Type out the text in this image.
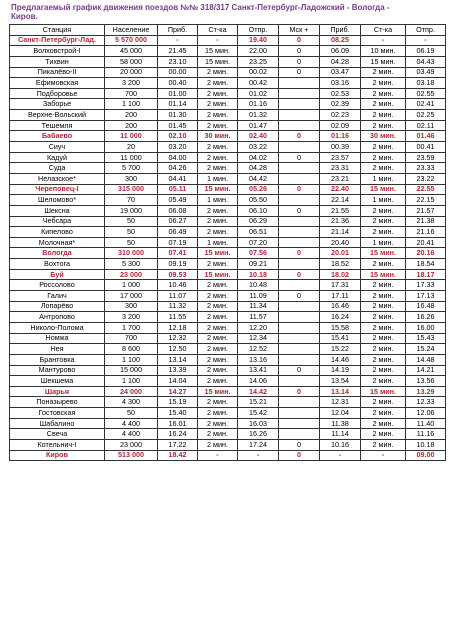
Предлагаемый график движения поездов №№ 318/317 Санкт-Петербург-Ладожский - Вологда -
Киров.
Станция	Население	Приб.	Ст-ка	Отпр.	Мск +	Приб.	Ст-ка	Отпр.
Санкт-Петербург-Лад.	5 570 000	-	-	19.40	0	08.25	-	-
Волховстрой-I	45 000	21.45	15 мин.	22.00	0	06.09	10 мин.	06.19
Тихвин	58 000	23.10	15 мин.	23.25	0	04.28	15 мин.	04.43
Пикалёво-II	20 000	00.00	2 мин.	00.02	0	03.47	2 мин.	03.49
Ефимовская	3 200	00.40	2 мин.	00.42		03.16	2 мин.	03.18
Подборовье	700	01.00	2 мин.	01.02		02.53	2 мин.	02.55
Заборье	1 100	01.14	2 мин.	01.16		02.39	2 мин.	02.41
Верхне-Вольский	200	01.30	2 мин.	01.32		02.23	2 мин.	02.25
Тешемля	200	01.45	2 мин.	01.47		02.09	2 мин.	02.11
Бабаево	11 000	02.10	30 мин.	02.40	0	01.16	30 мин.	01.46
Сиуч	20	03.20	2 мин.	03.22		00.39	2 мин.	00.41
Кадуй	11 000	04.00	2 мин.	04.02	0	23.57	2 мин.	23.59
Суда	5 700	04.26	2 мин.	04.28		23.31	2 мин.	23.33
Нелазское*	300	04.41	1 мин.	04.42		23.21	1 мин.	23.22
Череповец-I	315 000	05.11	15 мин.	05.26	0	22.40	15 мин.	22.55
Шеломово*	70	05.49	1 мин.	05.50		22.14	1 мин.	22.15
Шексна	19 000	06.08	2 мин.	06.10	0	21.55	2 мин.	21.57
Чебсара	50	06.27	2 мин.	06.29		21.36	2 мин.	21.38
Кипелово	50	06.49	2 мин.	06.51		21.14	2 мин.	21.16
Молочная*	50	07.19	1 мин.	07.20		20.40	1 мин.	20.41
Вологда	310 000	07.41	15 мин.	07.56	0	20.01	15 мин.	20.16
Вохтога	5 300	09.19	2 мин.	09.21		18.52	2 мин.	18.54
Буй	23 000	09.53	15 мин.	10.18	0	18.02	15 мин.	18.17
Россолово	1 000	10.46	2 мин.	10.48		17.31	2 мин.	17.33
Галич	17 000	11.07	2 мин.	11.09	0	17.11	2 мин.	17.13
Лопарёво	300	11.32	2 мин.	11.34		16.46	2 мин.	16.48
Антропово	3 200	11.55	2 мин.	11.57		16.24	2 мин.	16.26
Николо-Полома	1 700	12.18	2 мин.	12.20		15.58	2 мин.	16.00
Номжа	700	12.32	2 мин.	12.34		15.41	2 мин.	15.43
Нея	8 600	12.50	2 мин.	12.52		15.22	2 мин.	15.24
Брантовка	1 100	13.14	2 мин.	13.16		14.46	2 мин.	14.48
Мантурово	15 000	13.39	2 мин.	13.41	0	14.19	2 мин.	14.21
Шекшема	1 100	14.04	2 мин.	14.06		13.54	2 мин.	13.56
Шарья	24 000	14.27	15 мин.	14.42	0	13.14	15 мин.	13.29
Поназырево	4 300	15.19	2 мин.	15.21		12.31	2 мин.	12.33
Гостовская	50	15.40	2 мин.	15.42		12.04	2 мин.	12.06
Шабалино	4 400	16.01	2 мин.	16.03		11.38	2 мин.	11.40
Свеча	4 400	16.24	2 мин.	16.26		11.14	2 мин.	11.16
Котельнич-I	23 000	17.22	2 мин.	17.24	0	10.16	2 мин.	10.18
Киров	513 000	18.42	-	-	0	-	-	09.00
